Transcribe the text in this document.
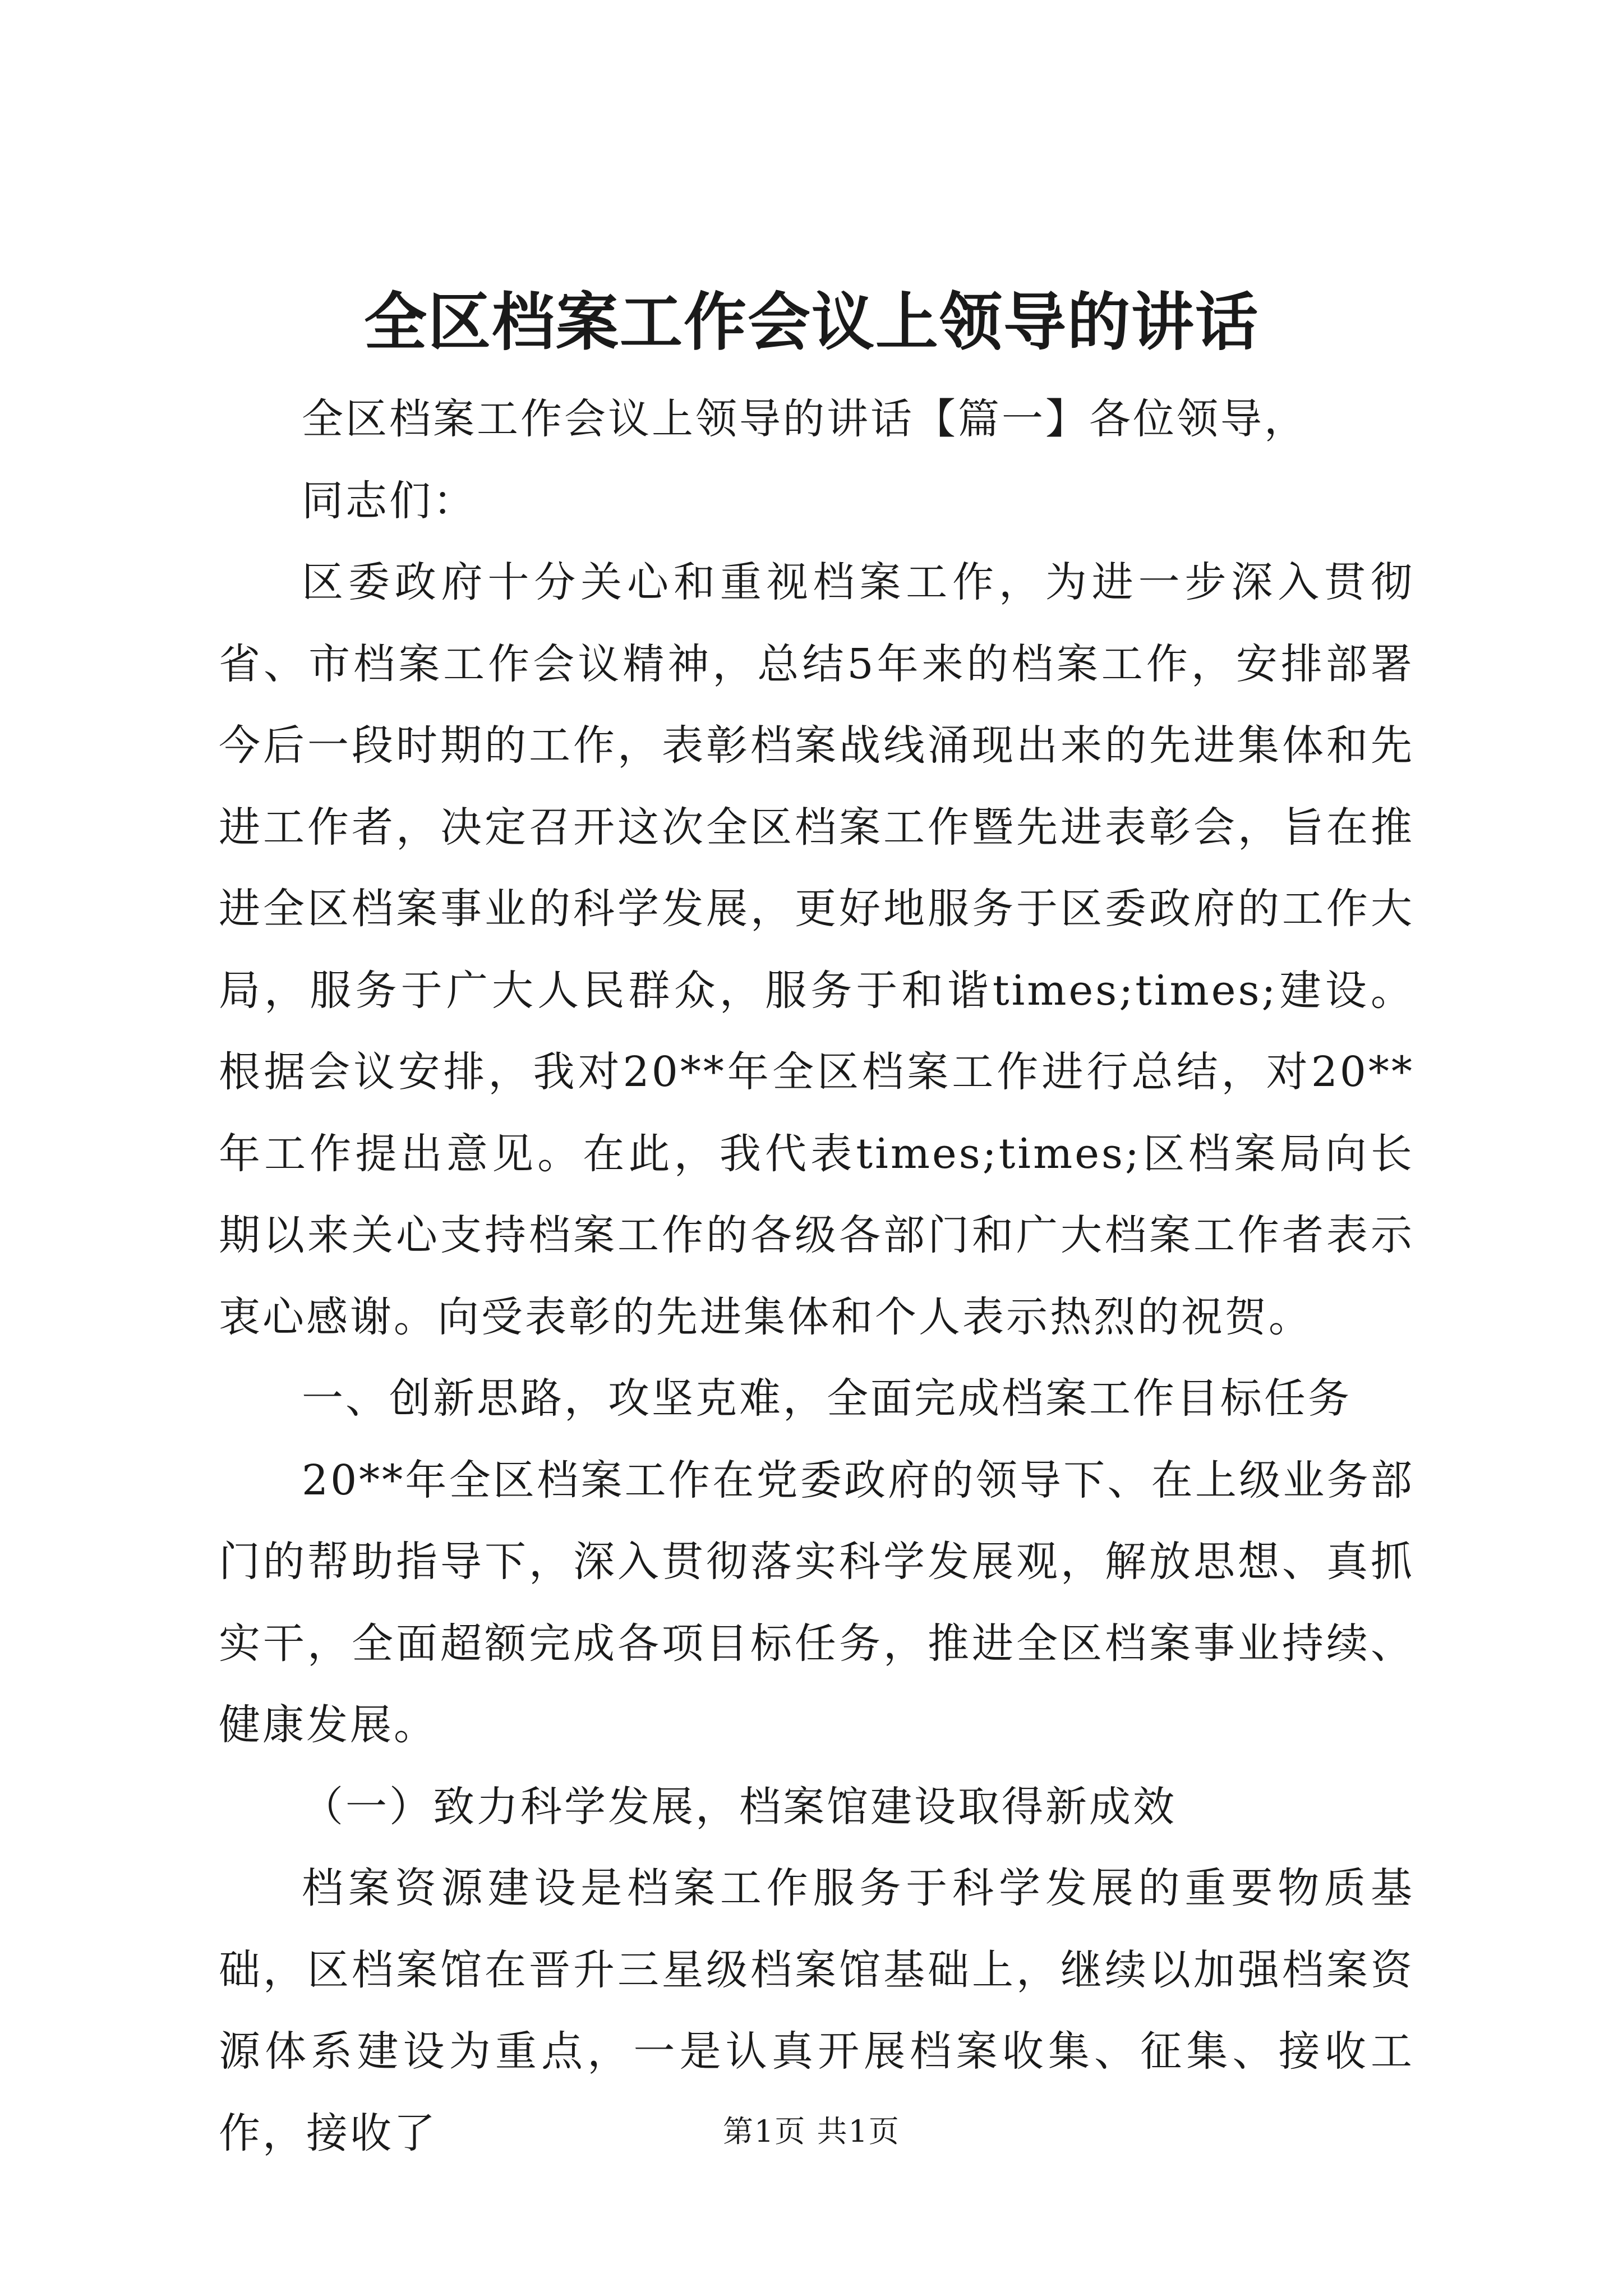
全区档案工作会议上领导的讲话

全区档案工作会议上领导的讲话【篇一】各位领导，

同志们：

区委政府十分关心和重视档案工作，为进一步深入贯彻省、市档案工作会议精神，总结5年来的档案工作，安排部署今后一段时期的工作，表彰档案战线涌现出来的先进集体和先进工作者，决定召开这次全区档案工作暨先进表彰会，旨在推进全区档案事业的科学发展，更好地服务于区委政府的工作大局，服务于广大人民群众，服务于和谐times;times;建设。根据会议安排，我对20**年全区档案工作进行总结，对20**年工作提出意见。在此，我代表times;times;区档案局向长期以来关心支持档案工作的各级各部门和广大档案工作者表示衷心感谢。向受表彰的先进集体和个人表示热烈的祝贺。

一、创新思路，攻坚克难，全面完成档案工作目标任务

20**年全区档案工作在党委政府的领导下、在上级业务部门的帮助指导下，深入贯彻落实科学发展观，解放思想、真抓实干，全面超额完成各项目标任务，推进全区档案事业持续、健康发展。

（一）致力科学发展，档案馆建设取得新成效

档案资源建设是档案工作服务于科学发展的重要物质基础，区档案馆在晋升三星级档案馆基础上，继续以加强档案资源体系建设为重点，一是认真开展档案收集、征集、接收工作，接收了	第1页 共1页
